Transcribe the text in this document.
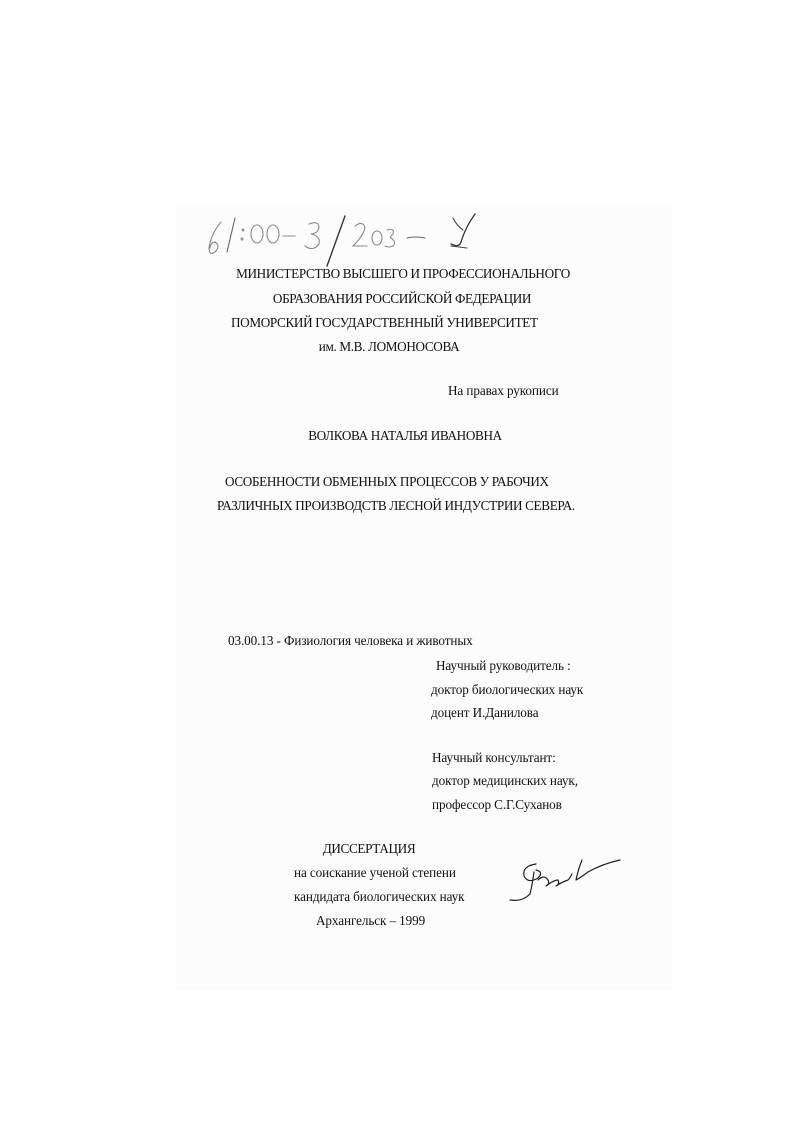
МИНИСТЕРСТВО ВЫСШЕГО И ПРОФЕССИОНАЛЬНОГО
ОБРАЗОВАНИЯ РОССИЙСКОЙ ФЕДЕРАЦИИ
ПОМОРСКИЙ ГОСУДАРСТВЕННЫЙ УНИВЕРСИТЕТ
им. М.В. ЛОМОНОСОВА
На правах рукописи
ВОЛКОВА НАТАЛЬЯ ИВАНОВНА
ОСОБЕННОСТИ ОБМЕННЫХ ПРОЦЕССОВ У РАБОЧИХ
РАЗЛИЧНЫХ ПРОИЗВОДСТВ ЛЕСНОЙ ИНДУСТРИИ СЕВЕРА.
03.00.13 - Физиология человека и животных
Научный руководитель :
доктор биологических наук
доцент И.Данилова
Научный консультант:
доктор медицинских наук,
профессор С.Г.Суханов
ДИССЕРТАЦИЯ
на соискание ученой степени
кандидата биологических наук
Архангельск – 1999
